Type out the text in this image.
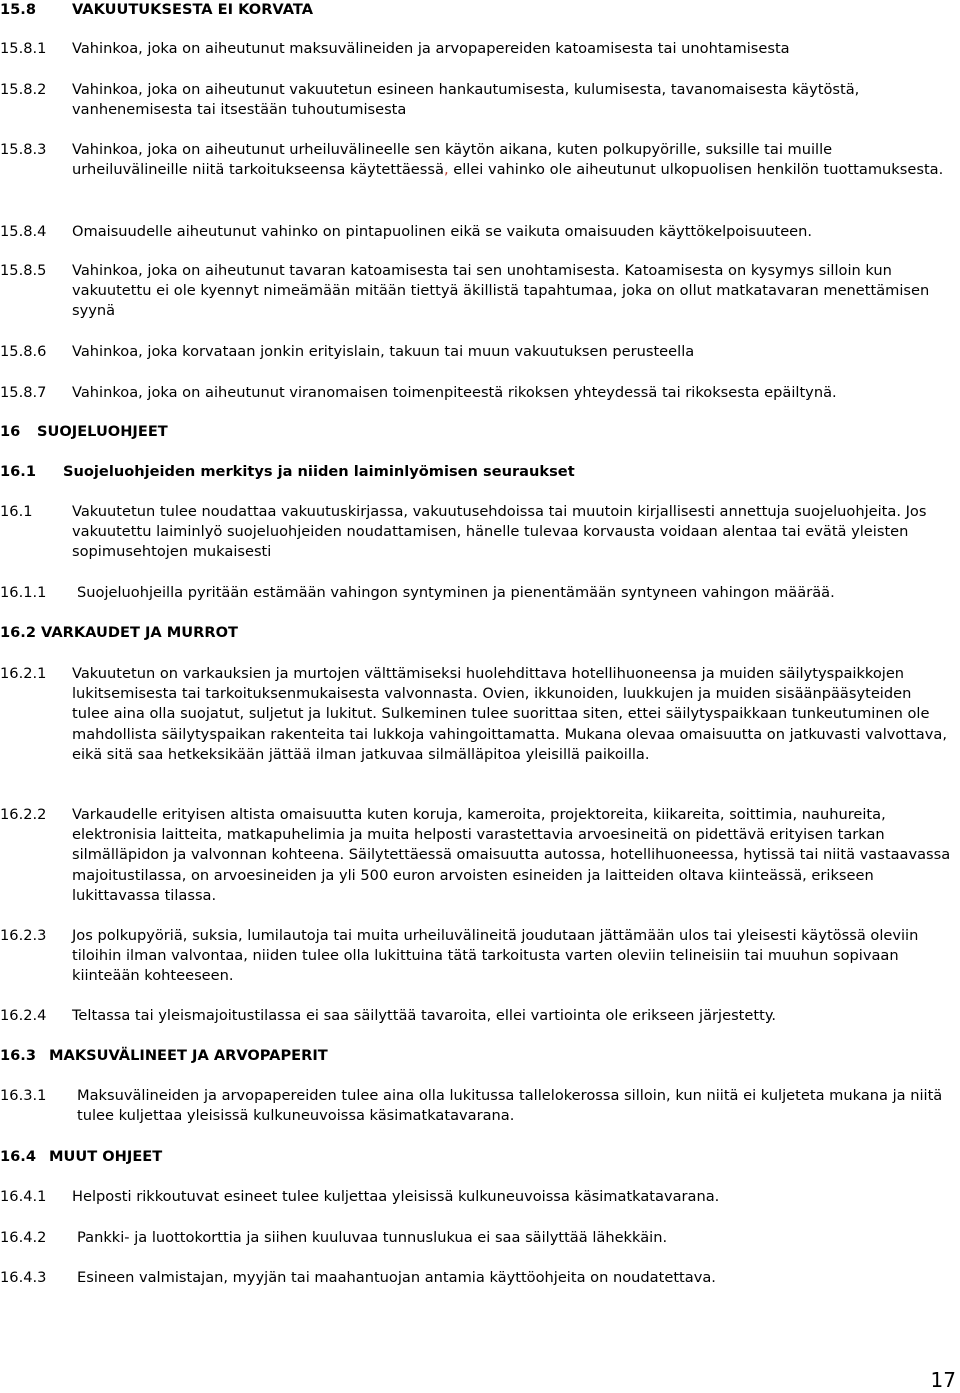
15.8 VAKUUTUKSESTA EI KORVATA
15.8.1 Vahinkoa, joka on aiheutunut maksuvälineiden ja arvopapereiden katoamisesta tai unohtamisesta
15.8.2 Vahinkoa, joka on aiheutunut vakuutetun esineen hankautumisesta, kulumisesta, tavanomaisesta käytöstä, vanhenemisesta tai itsestään tuhoutumisesta
15.8.3 Vahinkoa, joka on aiheutunut urheiluvälineelle sen käytön aikana, kuten polkupyörille, suksille tai muille urheiluvälineille niitä tarkoitukseensa käytettäessä, ellei vahinko ole aiheutunut ulkopuolisen henkilön tuottamuksesta.
15.8.4 Omaisuudelle aiheutunut vahinko on pintapuolinen eikä se vaikuta omaisuuden käyttökelpoisuuteen.
15.8.5 Vahinkoa, joka on aiheutunut tavaran katoamisesta tai sen unohtamisesta. Katoamisesta on kysymys silloin kun vakuutettu ei ole kyennyt nimeämään mitään tiettyä äkillistä tapahtumaa, joka on ollut matkatavaran menettämisen syynä
15.8.6 Vahinkoa, joka korvataan jonkin erityislain, takuun tai muun vakuutuksen perusteella
15.8.7 Vahinkoa, joka on aiheutunut viranomaisen toimenpiteestä rikoksen yhteydessä tai rikoksesta epäiltynä.
16 SUOJELUOHJEET
16.1 Suojeluohjeiden merkitys ja niiden laiminlyömisen seuraukset
16.1	Vakuutetun tulee noudattaa vakuutuskirjassa, vakuutusehdoissa tai muutoin kirjallisesti annettuja suojeluohjeita. Jos vakuutettu laiminlyö suojeluohjeiden noudattamisen, hänelle tulevaa korvausta voidaan alentaa tai evätä yleisten sopimusehtojen mukaisesti
16.1.1 Suojeluohjeilla pyritään estämään vahingon syntyminen ja pienentämään syntyneen vahingon määrää.
16.2 VARKAUDET JA MURROT
16.2.1 Vakuutetun on varkauksien ja murtojen välttämiseksi huolehdittava hotellihuoneensa ja muiden säilytyspaikkojen lukitsemisesta tai tarkoituksenmukaisesta valvonnasta. Ovien, ikkunoiden, luukkujen ja muiden sisäänpääsyteiden tulee aina olla suojatut, suljetut ja lukitut. Sulkeminen tulee suorittaa siten, ettei säilytyspaikkaan tunkeutuminen ole mahdollista säilytyspaikan rakenteita tai lukkoja vahingoittamatta. Mukana olevaa omaisuutta on jatkuvasti valvottava, eikä sitä saa hetkeksikään jättää ilman jatkuvaa silmälläpitoa yleisillä paikoilla.
16.2.2 Varkaudelle erityisen altista omaisuutta kuten koruja, kameroita, projektoreita, kiikareita, soittimia, nauhureita, elektronisia laitteita, matkapuhelimia ja muita helposti varastettavia arvoesineitä on pidettävä erityisen tarkan silmälläpidon ja valvonnan kohteena. Säilytettäessä omaisuutta autossa, hotellihuoneessa, hytissä tai niitä vastaavassa majoitustilassa, on arvoesineiden ja yli 500 euron arvoisten esineiden ja laitteiden oltava kiinteässä, erikseen lukittavassa tilassa.
16.2.3 Jos polkupyöriä, suksia, lumilautoja tai muita urheiluvälineitä joudutaan jättämään ulos tai yleisesti käytössä oleviin tiloihin ilman valvontaa, niiden tulee olla lukittuina tätä tarkoitusta varten oleviin telineisiin tai muuhun sopivaan kiinteään kohteeseen.
16.2.4 Teltassa tai yleismajoitustilassa ei saa säilyttää tavaroita, ellei vartiointa ole erikseen järjestetty.
16.3 MAKSUVÄLINEET JA ARVOPAPERIT
16.3.1 Maksuvälineiden ja arvopapereiden tulee aina olla lukitussa tallelokerossa silloin, kun niitä ei kuljeteta mukana ja niitä tulee kuljettaa yleisissä kulkuneuvoissa käsimatkatavarana.
16.4 MUUT OHJEET
16.4.1 Helposti rikkoutuvat esineet tulee kuljettaa yleisissä kulkuneuvoissa käsimatkatavarana.
16.4.2 Pankki- ja luottokorttia ja siihen kuuluvaa tunnuslukua ei saa säilyttää lähekkäin.
16.4.3 Esineen valmistajan, myyjän tai maahantuojan antamia käyttöohjeita on noudatettava.
17
